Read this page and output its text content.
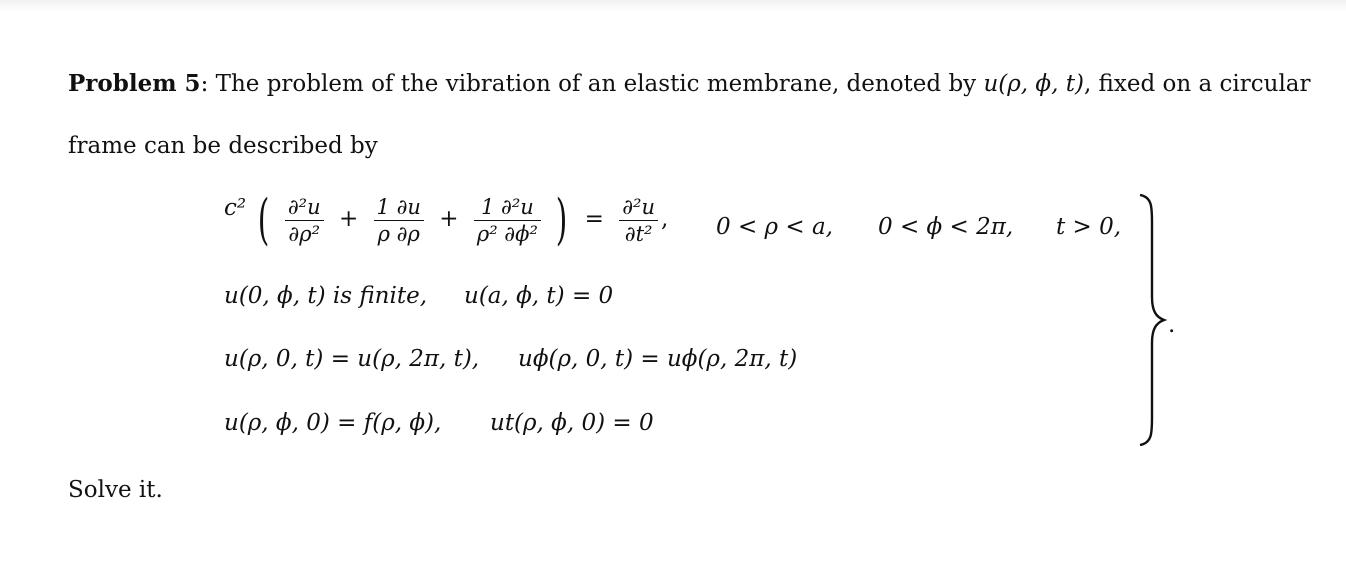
Problem 5: The problem of the vibration of an elastic membrane, denoted by u(ρ, ϕ, t), fixed on a circular
frame can be described by
c² ( $\frac{\text{∂²u}}{\text{∂ρ²}} + \frac{1 \partial u}{\rho \partial\rho} + \frac{\text{1 ∂²u}}{\text{ρ² ∂ϕ²}}$ ) = $\frac{\text{∂²u}}{\text{∂t²}}$ , 0 < ρ < a, 0 < ϕ < 2π, t > 0,
u(0, ϕ, t) is finite, u(a, ϕ, t) = 0
u(ρ, 0, t) = u(ρ, 2π, t), uϕ(ρ, 0, t) = uϕ(ρ, 2π, t)
u(ρ, ϕ, 0) = f(ρ, ϕ), ut(ρ, ϕ, 0) = 0
.
Solve it.
